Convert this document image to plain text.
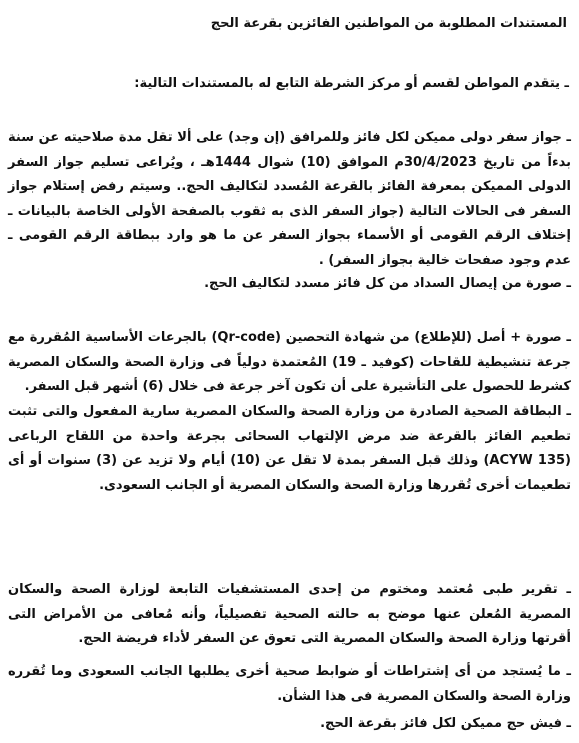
المستندات المطلوبة من المواطنين الفائزين بقرعة الحج
ـ يتقدم المواطن لقسم أو مركز الشرطة التابع له بالمستندات التالية:
ـ جواز سفر دولى مميكن لكل فائز وللمرافق (إن وجد) على ألا تقل مدة صلاحيته عن سنة بدءاً من تاريخ 30/4/2023م الموافق (10) شوال 1444هـ ، ويُراعى تسليم جواز السفر الدولى المميكن بمعرفة الفائز بالقرعة المُسدد لتكاليف الحج.. وسيتم رفض إستلام جواز السفر فى الحالات التالية (جواز السفر الذى به ثقوب بالصفحة الأولى الخاصة بالبيانات ـ إختلاف الرقم القومى أو الأسماء بجواز السفر عن ما هو وارد ببطاقة الرقم القومى ـ عدم وجود صفحات خالية بجواز السفر) .
ـ صورة من إيصال السداد من كل فائز مسدد لتكاليف الحج.
ـ صورة + أصل (للإطلاع) من شهادة التحصين (Qr-code) بالجرعات الأساسية المُقررة مع جرعة تنشيطية للقاحات (كوفيد ـ 19) المُعتمدة دولياً فى وزارة الصحة والسكان المصرية كشرط للحصول على التأشيرة على أن تكون آخر جرعة فى خلال (6) أشهر قبل السفر.
ـ البطاقة الصحية الصادرة من وزارة الصحة والسكان المصرية سارية المفعول والتى تثبت تطعيم الفائز بالقرعة ضد مرض الإلتهاب السحائى بجرعة واحدة من اللقاح الرباعى (ACYW 135) وذلك قبل السفر بمدة لا تقل عن (10) أيام ولا تزيد عن (3) سنوات أو أى تطعيمات أخرى تُقررها وزارة الصحة والسكان المصرية أو الجانب السعودى.
ـ تقرير طبى مُعتمد ومختوم من إحدى المستشفيات التابعة لوزارة الصحة والسكان المصرية المُعلن عنها موضح به حالته الصحية تفصيلياً، وأنه مُعافى من الأمراض التى أقرتها وزارة الصحة والسكان المصرية التى تعوق عن السفر لأداء فريضة الحج.
ـ ما يُستجد من أى إشتراطات أو ضوابط صحية أخرى يطلبها الجانب السعودى وما تُقرره وزارة الصحة والسكان المصرية فى هذا الشأن.
ـ فيش حج مميكن لكل فائز بقرعة الحج.
